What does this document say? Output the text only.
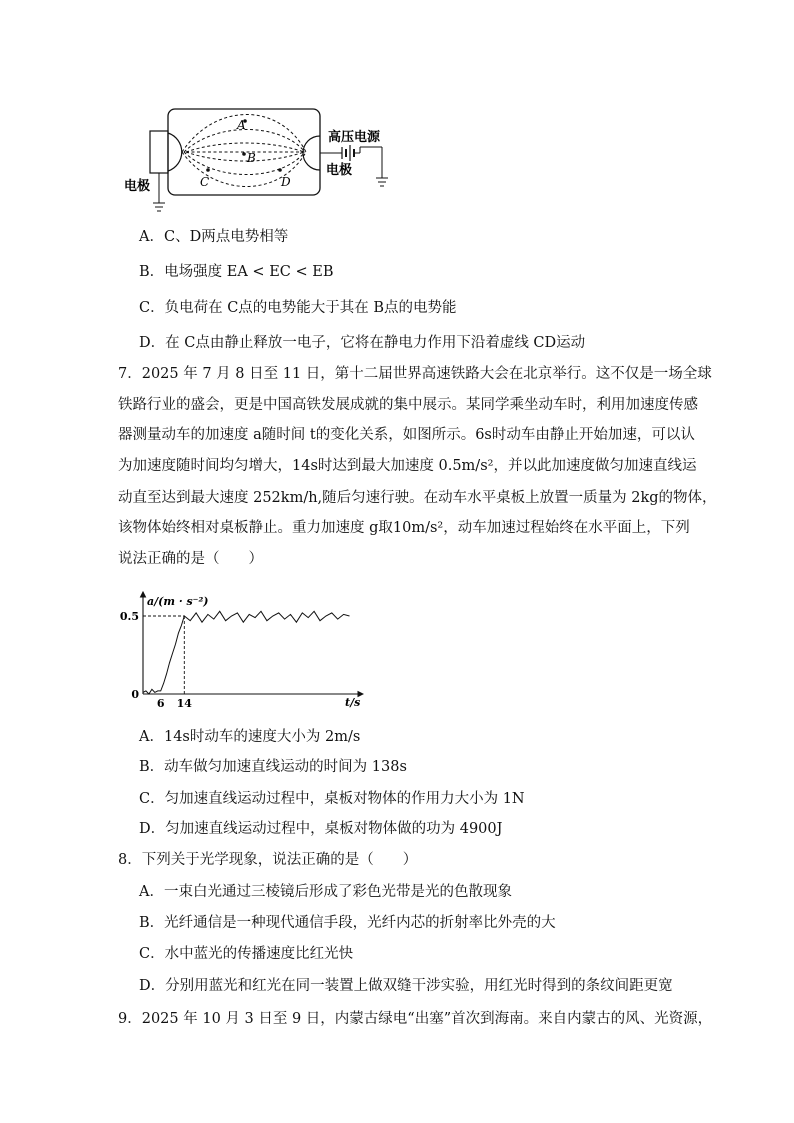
A
B
C	D
电极
电极
高压电源
A．C、D两点电势相等
B．电场强度 EA < EC < EB
C．负电荷在 C点的电势能大于其在 B点的电势能
D．在 C点由静止释放一电子，它将在静电力作用下沿着虚线 CD运动
7．2025 年 7 月 8 日至 11 日，第十二届世界高速铁路大会在北京举行。这不仅是一场全球
铁路行业的盛会，更是中国高铁发展成就的集中展示。某同学乘坐动车时，利用加速度传感
器测量动车的加速度 a随时间 t的变化关系，如图所示。6s时动车由静止开始加速，可以认
为加速度随时间均匀增大，14s时达到最大加速度 0.5m/s²，并以此加速度做匀加速直线运
动直至达到最大速度 252km/h,随后匀速行驶。在动车水平桌板上放置一质量为 2kg的物体，
该物体始终相对桌板静止。重力加速度 g取10m/s²，动车加速过程始终在水平面上，下列
说法正确的是（　　）
a/(m · s⁻²)
t/s
0
0.5
6 14
A．14s时动车的速度大小为 2m/s
B．动车做匀加速直线运动的时间为 138s
C．匀加速直线运动过程中，桌板对物体的作用力大小为 1N
D．匀加速直线运动过程中，桌板对物体做的功为 4900J
8．下列关于光学现象，说法正确的是（　　）
A．一束白光通过三棱镜后形成了彩色光带是光的色散现象
B．光纤通信是一种现代通信手段，光纤内芯的折射率比外壳的大
C．水中蓝光的传播速度比红光快
D．分别用蓝光和红光在同一装置上做双缝干涉实验，用红光时得到的条纹间距更宽
9．2025 年 10 月 3 日至 9 日，内蒙古绿电“出塞”首次到海南。来自内蒙古的风、光资源，
